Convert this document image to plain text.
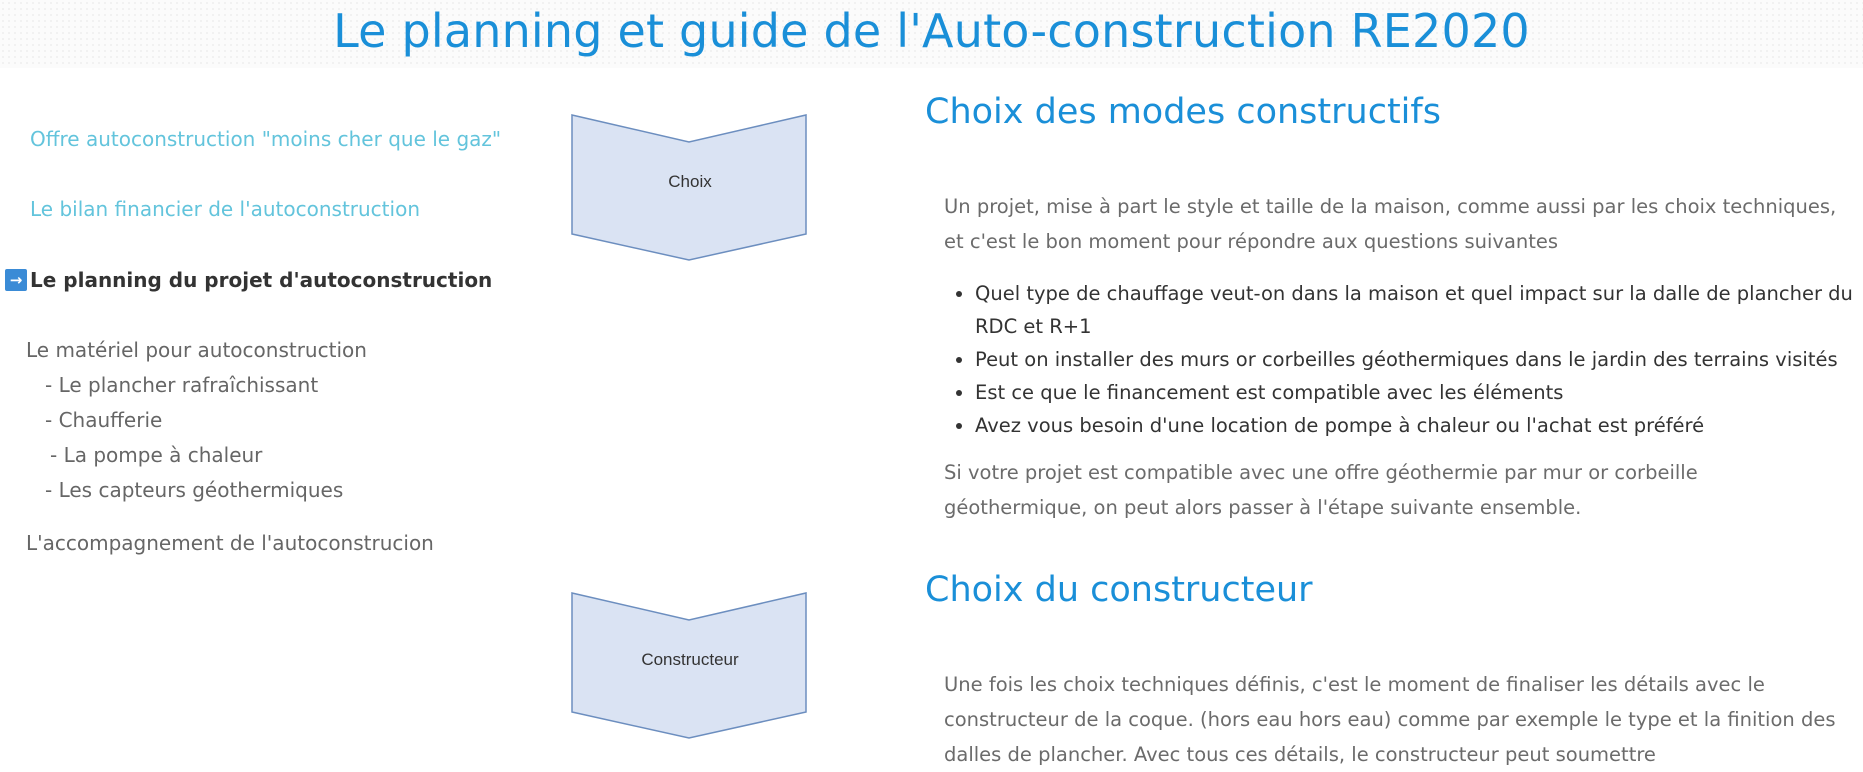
Le planning et guide de l'Auto-construction RE2020
Offre autoconstruction "moins cher que le gaz"
Le bilan financier de l'autoconstruction
→ Le planning du projet d'autoconstruction
Le matériel pour autoconstruction
- Le plancher rafraîchissant
- Chaufferie
- La pompe à chaleur
- Les capteurs géothermiques
L'accompagnement de l'autoconstrucion
Choix
Constructeur
Choix des modes constructifs

Un projet, mise à part le style et taille de la maison, comme aussi par les choix techniques, et c'est le bon moment pour répondre aux questions suivantes

• Quel type de chauffage veut-on dans la maison et quel impact sur la dalle de plancher du RDC et R+1
• Peut on installer des murs or corbeilles géothermiques dans le jardin des terrains visités
• Est ce que le financement est compatible avec les éléments
• Avez vous besoin d'une location de pompe à chaleur ou l'achat est préféré

Si votre projet est compatible avec une offre géothermie par mur or corbeille géothermique, on peut alors passer à l'étape suivante ensemble.

Choix du constructeur

Une fois les choix techniques définis, c'est le moment de finaliser les détails avec le constructeur de la coque. (hors eau hors eau) comme par exemple le type et la finition des dalles de plancher. Avec tous ces détails, le constructeur peut soumettre
